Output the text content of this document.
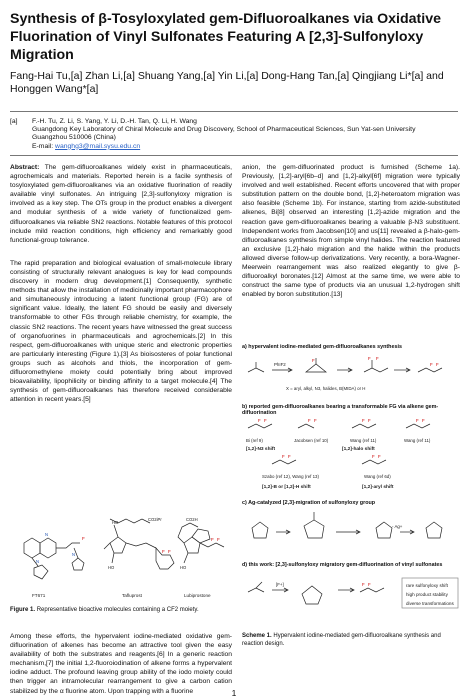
Synthesis of β-Tosyloxylated gem-Difluoroalkanes via Oxidative Fluorination of Vinyl Sulfonates Featuring A [2,3]-Sulfonyloxy Migration
Fang-Hai Tu,[a] Zhan Li,[a] Shuang Yang,[a] Yin Li,[a] Dong-Hang Tan,[a] Qingjiang Li*[a] and Honggen Wang*[a]
[a] F.-H. Tu, Z. Li, S. Yang, Y. Li, D.-H. Tan, Q. Li, H. Wang
Guangdong Key Laboratory of Chiral Molecule and Drug Discovery, School of Pharmaceutical Sciences, Sun Yat-sen University
Guangzhou 510006 (China)
E-mail: wanghg3@mail.sysu.edu.cn

Abstract: The gem-difluoroalkanes widely exist in pharmaceuticals, agrochemicals and materials. Reported herein is a facile synthesis of tosyloxylated gem-difluoroalkanes via an oxidative fluorination of readily available vinyl sulfonates. An intriguing [2,3]-sulfonyloxy migration is involved as a key step. The OTs group in the product enables a divergent and modular synthesis of a wide variety of functionalized gem-difluoroalkanes via reliable SN2 reactions. Notable features of this protocol include mild reaction conditions, high efficiency and remarkably good functional-group tolerance.

The rapid preparation and biological evaluation of small-molecule library consisting of structurally relevant analogues is key for lead compounds discovery in modern drug development.[1] Consequently, synthetic methods that allow the installation of medicinally important pharmacophore and simultaneously introducing a latent functional group (FG) are of significant value. Ideally, the latent FG should be easily and diversely transformable to other FGs through reliable chemistry, for example, the classic SN2 reactions. The recent years have witnessed the great success of organofuorines in pharmaceuticals and agrochemicals.[2] In this respect, gem-difluoroalkanes with unique steric and electronic properties are particularly interesting (Figure 1).[3] As bioisosteres of polar functional groups such as alcohols and thiols, the incorporation of gem-difluoromethylene moiety could potentially bring about improved bioavailability, lipophilicity or binding affinity to a target molecule.[4] The synthesis of gem-difluoroalkanes has therefore received considerable attention in recent years.[5]

F
F F
F F
N
N
N
CO2iPr
HO	HO
CO2H
HO
FT671	Tafluprost	Lubiprostone
Figure 1. Representative bioactive molecules containing a CF2 moiety.
Among these efforts, the hypervalent iodine-mediated oxidative gem-difluorination of alkenes has become an attractive tool given the easy availability of both the substrates and reagents.[6] In a generic reaction mechanism,[7] the initial 1,2-fluoroiodination of alkene forms a hypervalent iodine adduct. The profound leaving group ability of the iodo moiety could then trigger an intramolecular rearrangement to give a carbon cation stabilized by the α fluorine atom. Upon trapping with a fluorine

anion, the gem-difluorinated product is furnished (Scheme 1a). Previously, [1,2]-aryl[6b–d] and [1,2]-alkyl[6f] migration were typically involved and well established. Recent efforts uncovered that with proper substitution pattern on the double bond, [1,2]-heteroatom migration was also feasible (Scheme 1b). For instance, starting from azide-substituted alkenes, Bi[8] observed an interesting [1,2]-azide migration and the reaction gave gem-difluoroalkanes bearing a valuable β-N3 substituent. Independent works from Jacobsen[10] and us[11] revealed a β-halo-gem-difluoroalkanes synthesis from simple vinyl halides. The reaction featured an exclusive [1,2]-halo migration and the halide within the products allowed diverse follow-up derivatizations. Very recently, a bora-Wagner-Meerwein rearrangement was also realized elegantly to give β-difluoroalkyl boronates.[12] Almost at the same time, we were able to construct the same type of products via an unusual 1,2-hydrogen shift enabled by boron substitution.[13]

a) hypervalent iodine-mediated gem-difluoroalkanes synthesis
b) reported gem-difluoroalkanes bearing a transformable FG via alkene gem-difluorination
c) Ag-catalyzed [2,3]-migration of sulfonyloxy group
d) this work: [2,3]-sulfonyloxy migratory gem-difluorination of vinyl sulfonates
F	F F
F F
F F	F F	F F	F F
F F	F F
F F
PhIF2
X = aryl, alkyl, N3, halides, B(MIDA) or H
Bi (ref 9)	Jacobsen (ref 10)	Wang (ref 11)	Wang (ref 11)
Szabo (ref 12), Wang (ref 13)	Wang (ref 6d)
- Ag+
[F+]
[1,2]-N3 shift	[1,2]-halo shift
[1,2]-B or [1,2]-H shift	[1,2]-aryl shift
rare sulfonyloxy shift
high product stability
diverse transformations
Scheme 1. Hypervalent iodine-mediated gem-difluoroalkane synthesis and reaction design.
1
